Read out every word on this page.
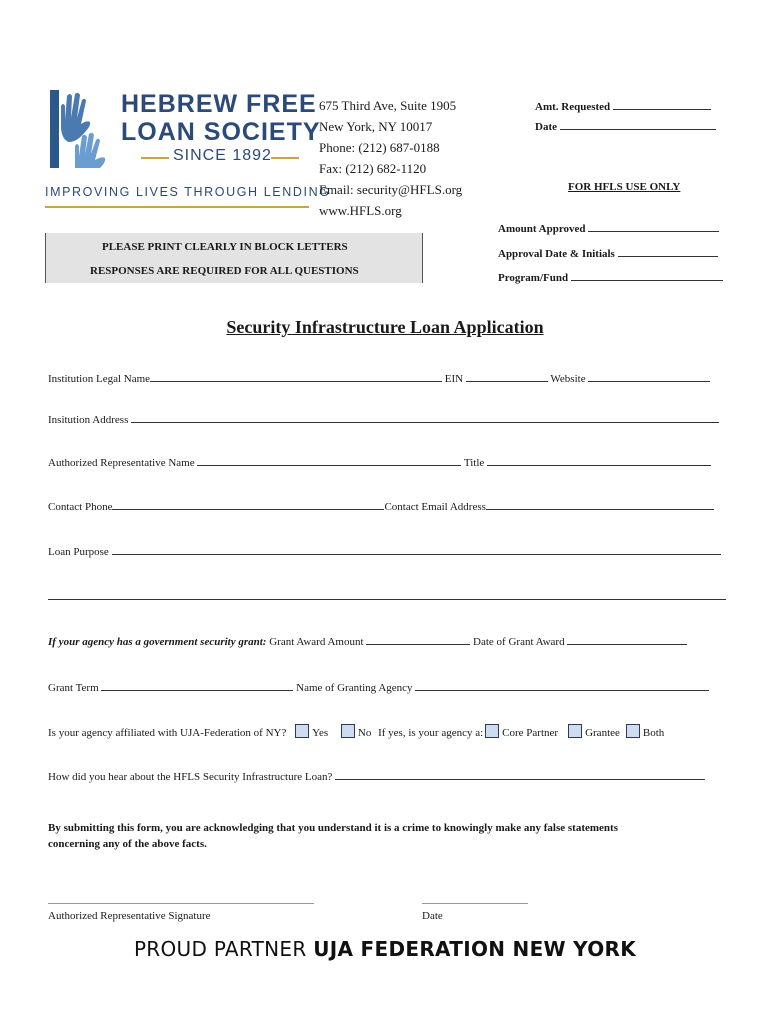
HEBREW FREE
LOAN SOCIETY
SINCE 1892
IMPROVING LIVES THROUGH LENDING
675 Third Ave, Suite 1905
New York, NY 10017
Phone: (212) 687-0188
Fax: (212) 682-1120
Email: security@HFLS.org
www.HFLS.org
Amt. Requested
Date
FOR HFLS USE ONLY
Amount Approved
Approval Date & Initials
Program/Fund
PLEASE PRINT CLEARLY IN BLOCK LETTERS
RESPONSES ARE REQUIRED FOR ALL QUESTIONS
Security Infrastructure Loan Application
Institution Legal Name	EIN	Website
Insitution Address
Authorized Representative Name	Title
Contact Phone	Contact Email Address
Loan Purpose
If your agency has a government security grant: Grant Award Amount	Date of Grant Award
Grant Term	Name of Granting Agency
Is your agency affiliated with UJA-Federation of NY? Yes	No If yes, is your agency a: Core Partner Grantee Both
How did you hear about the HFLS Security Infrastructure Loan?
By submitting this form, you are acknowledging that you understand it is a crime to knowingly make any false statements
concerning any of the above facts.
Authorized Representative Signature	Date
PROUD PARTNER UJA FEDERATION NEW YORK
